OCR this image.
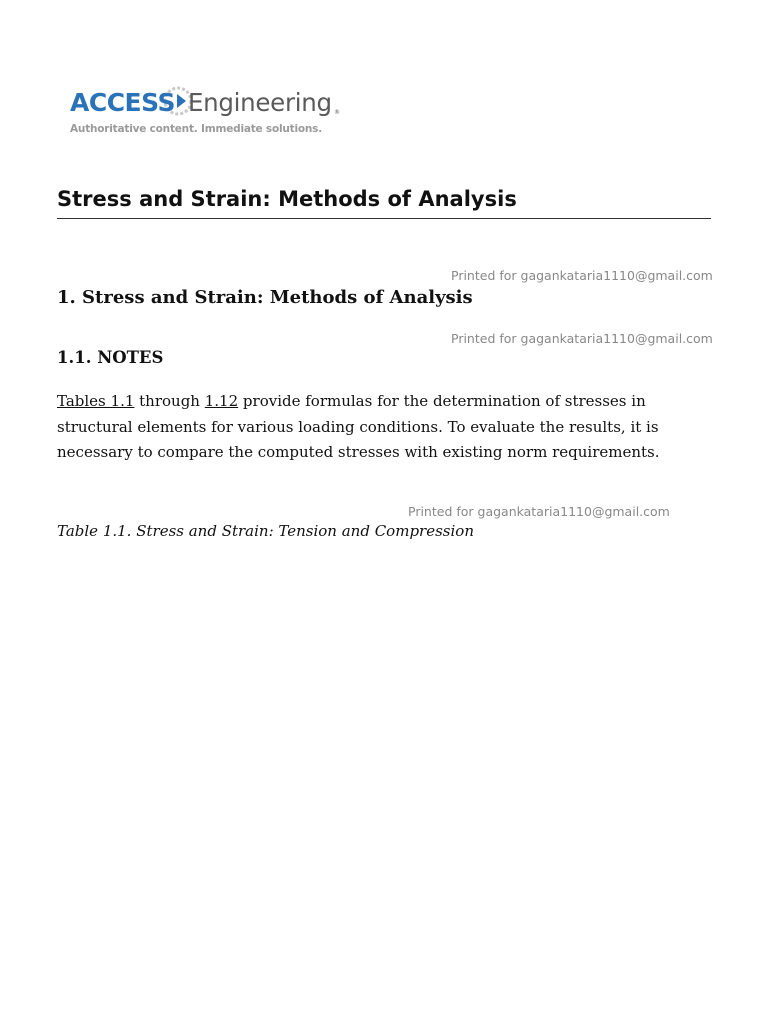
ACCESS Engineering ®
Authoritative content. Immediate solutions.
Stress and Strain: Methods of Analysis
Printed for gagankataria1110@gmail.com
1. Stress and Strain: Methods of Analysis
Printed for gagankataria1110@gmail.com
1.1. NOTES

Tables 1.1 through 1.12 provide formulas for the determination of stresses in structural elements for various loading conditions. To evaluate the results, it is necessary to compare the computed stresses with existing norm requirements.

Printed for gagankataria1110@gmail.com

Table 1.1. Stress and Strain: Tension and Compression
